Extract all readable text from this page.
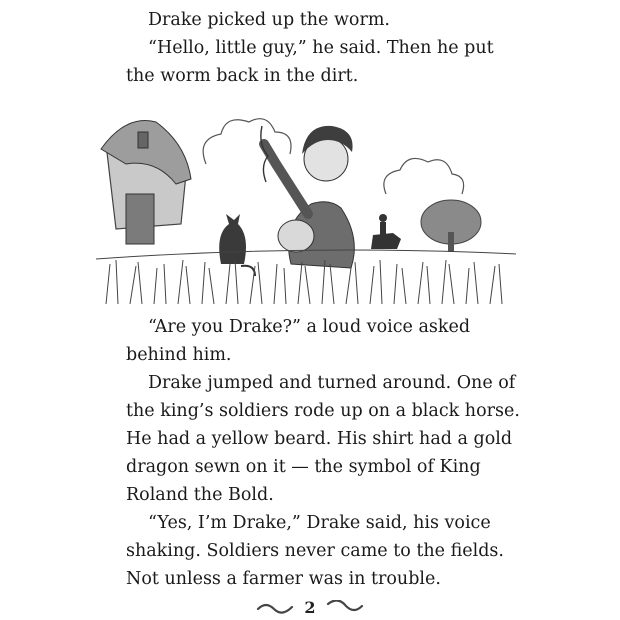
Drake picked up the worm.

“Hello, little guy,” he said. Then he put
the worm back in the dirt.

“Are you Drake?” a loud voice asked
behind him.

Drake jumped and turned around. One of
the king’s soldiers rode up on a black horse.
He had a yellow beard. His shirt had a gold
dragon sewn on it — the symbol of King
Roland the Bold.

“Yes, I’m Drake,” Drake said, his voice
shaking. Soldiers never came to the fields.
Not unless a farmer was in trouble.

2
